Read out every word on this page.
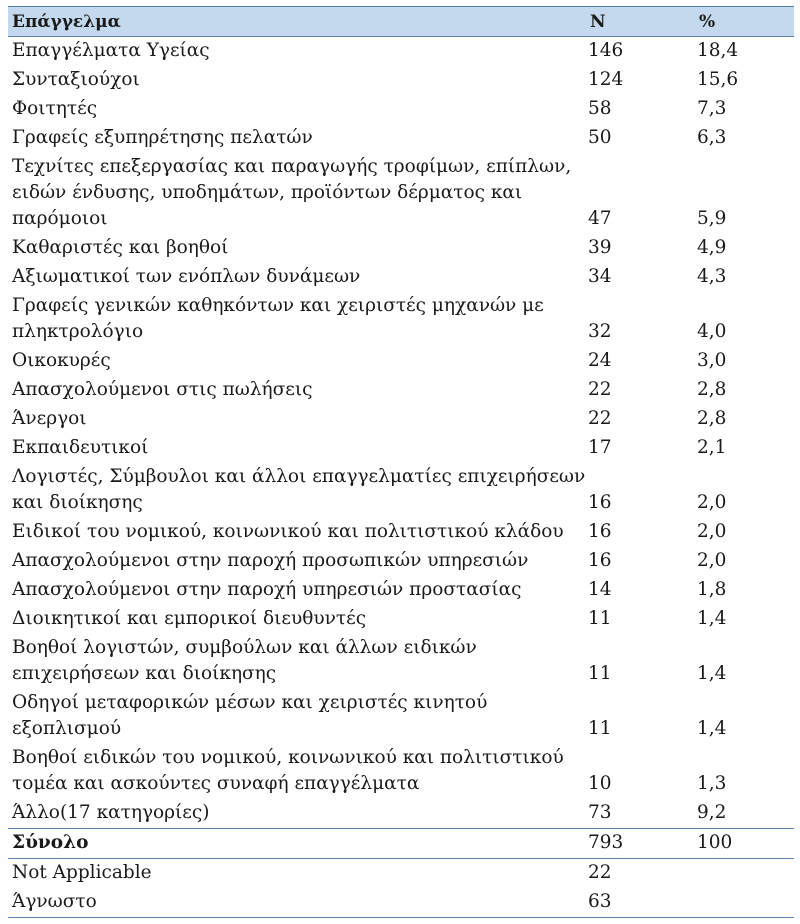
Επάγγελμα	N	%
Επαγγέλματα Υγείας	146	18,4
Συνταξιούχοι	124	15,6
Φοιτητές	58	7,3
Γραφείς εξυπηρέτησης πελατών	50	6,3
Τεχνίτες επεξεργασίας και παραγωγής τροφίμων, επίπλων, ειδών ένδυσης, υποδημάτων, προϊόντων δέρματος και παρόμοιοι	47	5,9
Καθαριστές και βοηθοί	39	4,9
Αξιωματικοί των ενόπλων δυνάμεων	34	4,3
Γραφείς γενικών καθηκόντων και χειριστές μηχανών με πληκτρολόγιο	32	4,0
Οικοκυρές	24	3,0
Απασχολούμενοι στις πωλήσεις	22	2,8
Άνεργοι	22	2,8
Εκπαιδευτικοί	17	2,1
Λογιστές, Σύμβουλοι και άλλοι επαγγελματίες επιχειρήσεων και διοίκησης	16	2,0
Ειδικοί του νομικού, κοινωνικού και πολιτιστικού κλάδου	16	2,0
Απασχολούμενοι στην παροχή προσωπικών υπηρεσιών	16	2,0
Απασχολούμενοι στην παροχή υπηρεσιών προστασίας	14	1,8
Διοικητικοί και εμπορικοί διευθυντές	11	1,4
Βοηθοί λογιστών, συμβούλων και άλλων ειδικών επιχειρήσεων και διοίκησης	11	1,4
Οδηγοί μεταφορικών μέσων και χειριστές κινητού εξοπλισμού	11	1,4
Βοηθοί ειδικών του νομικού, κοινωνικού και πολιτιστικού τομέα και ασκούντες συναφή επαγγέλματα	10	1,3
Άλλο(17 κατηγορίες)	73	9,2
Σύνολο	793	100
Not Applicable	22	
Άγνωστο	63	
